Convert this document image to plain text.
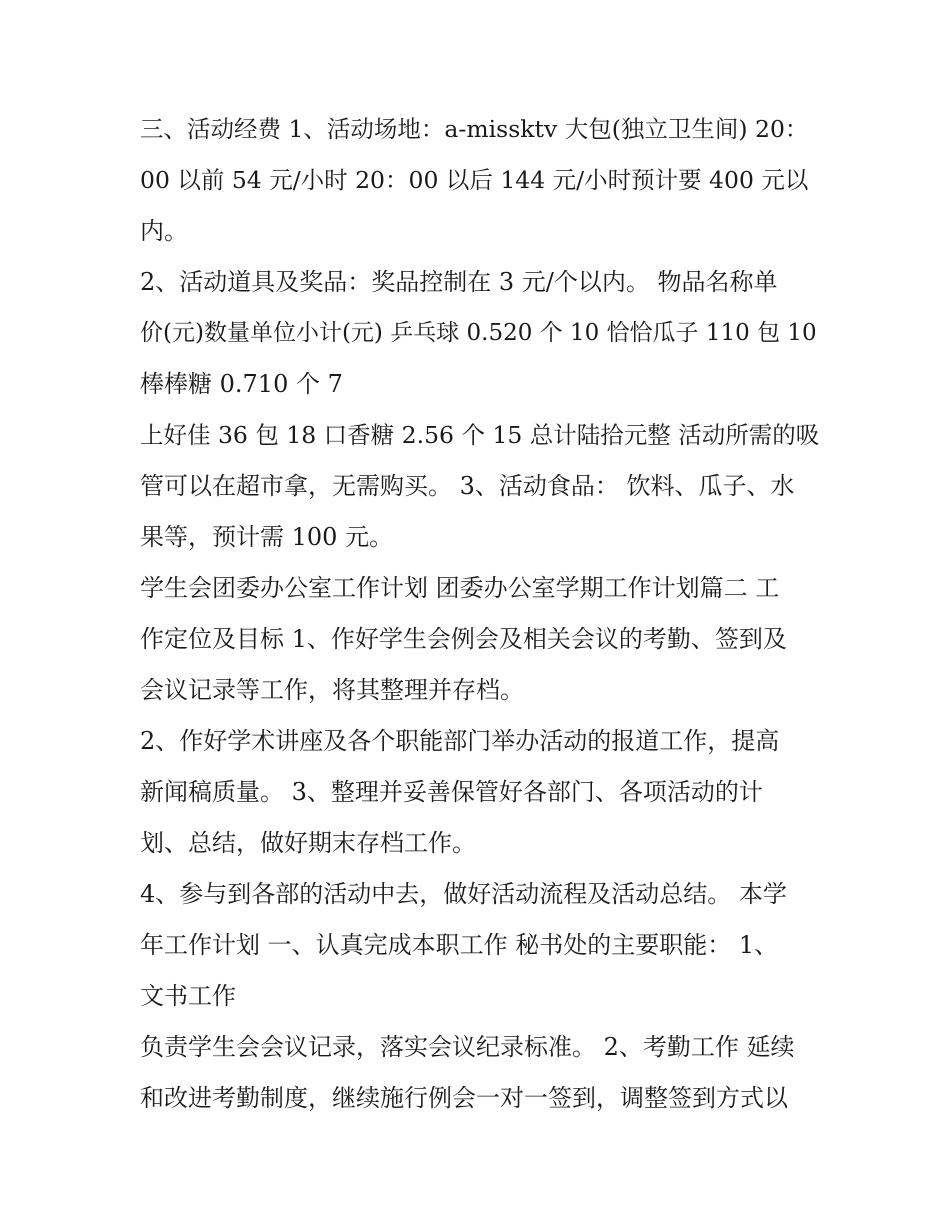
三、活动经费 1、活动场地：a-missktv 大包(独立卫生间) 20：
00 以前 54 元/小时 20：00 以后 144 元/小时预计要 400 元以
内。
2、活动道具及奖品：奖品控制在 3 元/个以内。 物品名称单
价(元)数量单位小计(元) 乒乓球 0.520 个 10 恰恰瓜子 110 包 10
棒棒糖 0.710 个 7
上好佳 36 包 18 口香糖 2.56 个 15 总计陆拾元整 活动所需的吸
管可以在超市拿，无需购买。 3、活动食品： 饮料、瓜子、水
果等，预计需 100 元。
学生会团委办公室工作计划 团委办公室学期工作计划篇二 工
作定位及目标 1、作好学生会例会及相关会议的考勤、签到及
会议记录等工作，将其整理并存档。
2、作好学术讲座及各个职能部门举办活动的报道工作，提高
新闻稿质量。 3、整理并妥善保管好各部门、各项活动的计
划、总结，做好期末存档工作。
4、参与到各部的活动中去，做好活动流程及活动总结。 本学
年工作计划 一、认真完成本职工作 秘书处的主要职能： 1、
文书工作
负责学生会会议记录，落实会议纪录标准。 2、考勤工作 延续
和改进考勤制度，继续施行例会一对一签到，调整签到方式以
